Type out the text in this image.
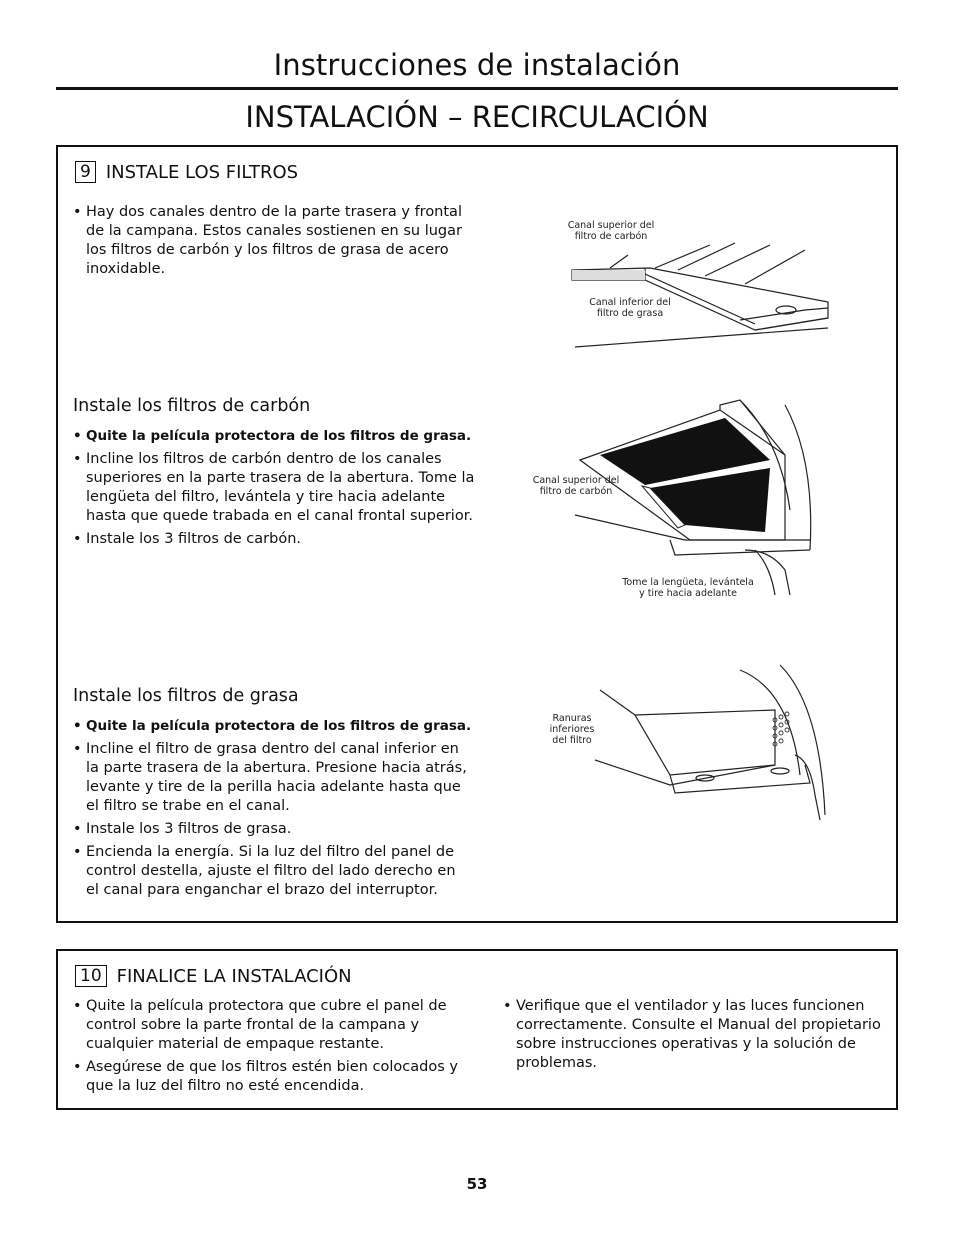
Instrucciones de instalación
INSTALACIÓN – RECIRCULACIÓN
9 INSTALE LOS FILTROS
• Hay dos canales dentro de la parte trasera y frontal de la campana. Estos canales sostienen en su lugar los filtros de carbón y los filtros de grasa de acero inoxidable.
Canal superior del filtro de carbón
Canal inferior del filtro de grasa
Instale los filtros de carbón
• Quite la película protectora de los filtros de grasa.
• Incline los filtros de carbón dentro de los canales superiores en la parte trasera de la abertura. Tome la lengüeta del filtro, levántela y tire hacia adelante hasta que quede trabada en el canal frontal superior.
• Instale los 3 filtros de carbón.
Canal superior del filtro de carbón
Tome la lengüeta, levántela y tire hacia adelante
Instale los filtros de grasa
• Quite la película protectora de los filtros de grasa.
• Incline el filtro de grasa dentro del canal inferior en la parte trasera de la abertura. Presione hacia atrás, levante y tire de la perilla hacia adelante hasta que el filtro se trabe en el canal.
• Instale los 3 filtros de grasa.
• Encienda la energía. Si la luz del filtro del panel de control destella, ajuste el filtro del lado derecho en el canal para enganchar el brazo del interruptor.
Ranuras inferiores del filtro
10 FINALICE LA INSTALACIÓN
• Quite la película protectora que cubre el panel de control sobre la parte frontal de la campana y cualquier material de empaque restante.
• Asegúrese de que los filtros estén bien colocados y que la luz del filtro no esté encendida.
• Verifique que el ventilador y las luces funcionen correctamente. Consulte el Manual del propietario sobre instrucciones operativas y la solución de problemas.
53
